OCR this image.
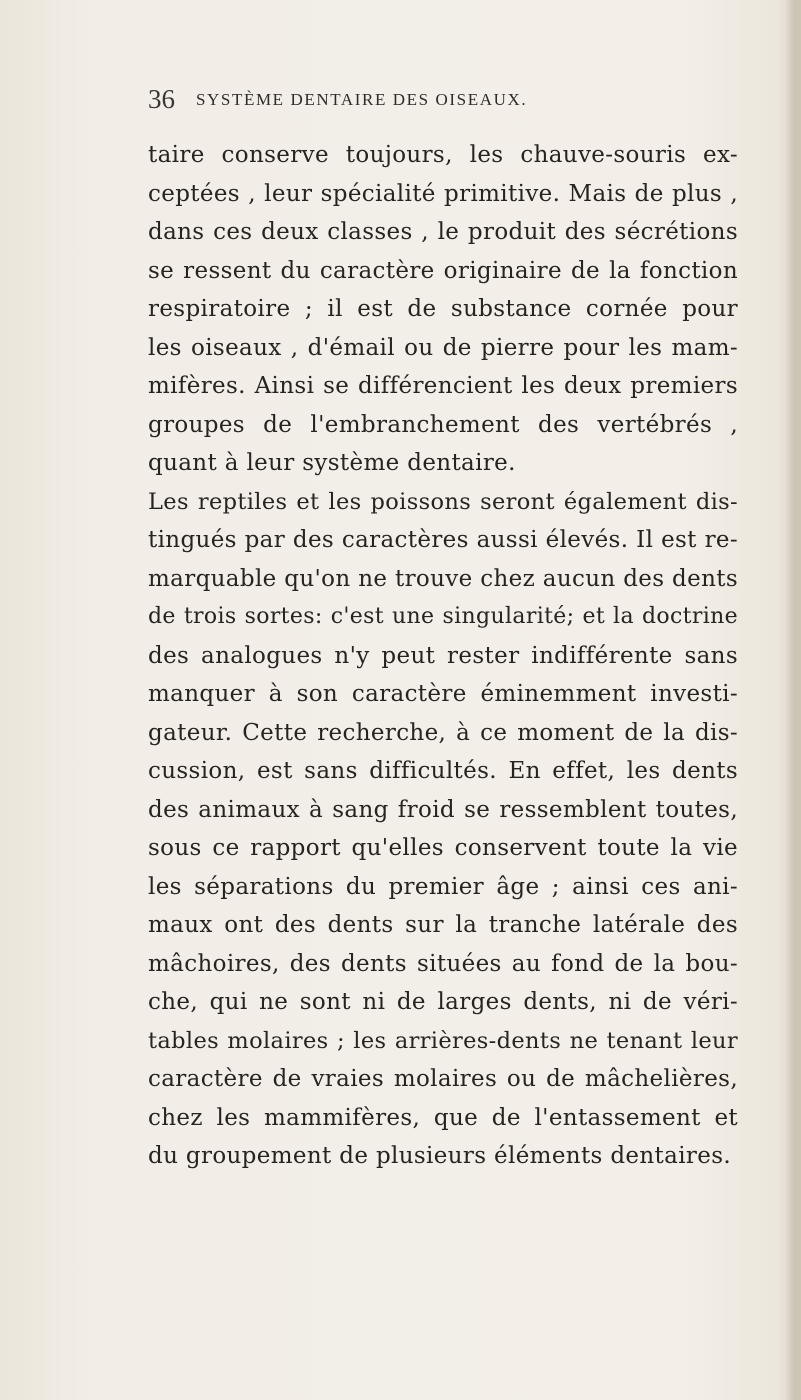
36 SYSTÈME DENTAIRE DES OISEAUX.
taire conserve toujours, les chauve-souris ex-
ceptées , leur spécialité primitive. Mais de plus ,
dans ces deux classes , le produit des sécrétions
se ressent du caractère originaire de la fonction
respiratoire ; il est de substance cornée pour
les oiseaux , d'émail ou de pierre pour les mam-
mifères. Ainsi se différencient les deux premiers
groupes de l'embranchement des vertébrés ,
quant à leur système dentaire.
Les reptiles et les poissons seront également dis-
tingués par des caractères aussi élevés. Il est re-
marquable qu'on ne trouve chez aucun des dents
de trois sortes: c'est une singularité; et la doctrine
des analogues n'y peut rester indifférente sans
manquer à son caractère éminemment investi-
gateur. Cette recherche, à ce moment de la dis-
cussion, est sans difficultés. En effet, les dents
des animaux à sang froid se ressemblent toutes,
sous ce rapport qu'elles conservent toute la vie
les séparations du premier âge ; ainsi ces ani-
maux ont des dents sur la tranche latérale des
mâchoires, des dents situées au fond de la bou-
che, qui ne sont ni de larges dents, ni de véri-
tables molaires ; les arrières-dents ne tenant leur
caractère de vraies molaires ou de mâchelières,
chez les mammifères, que de l'entassement et
du groupement de plusieurs éléments dentaires.
